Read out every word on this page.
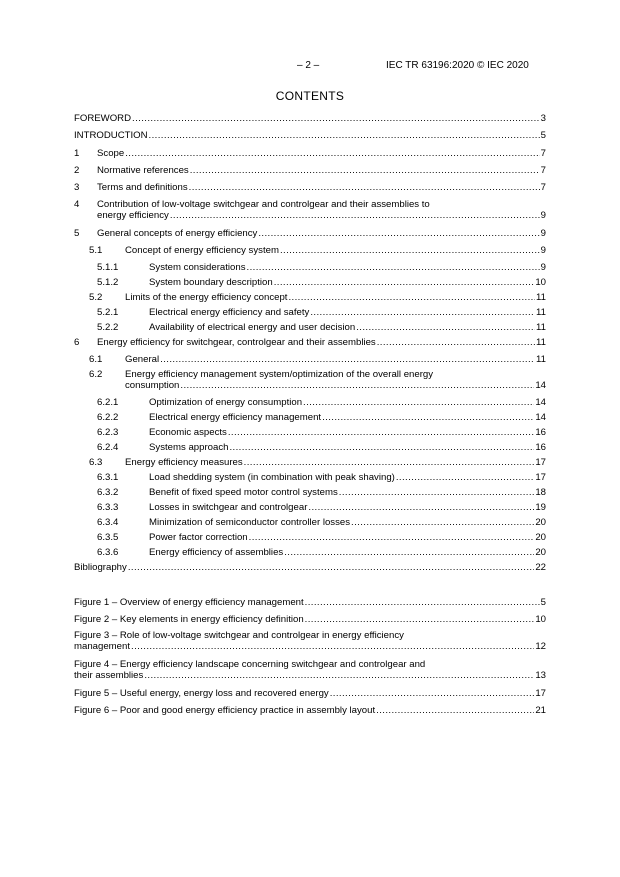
– 2 –	IEC TR 63196:2020 © IEC 2020
CONTENTS
FOREWORD .....	3
INTRODUCTION .....	5
1 Scope .....	7
2 Normative references .....	7
3 Terms and definitions .....	7
4	Contribution of low-voltage switchgear and controlgear and their assemblies to
energy efficiency .....	9
5 General concepts of energy efficiency .....	9
5.1 Concept of energy efficiency system .....	9
5.1.1	System considerations .....	9
5.1.2	System boundary description .....	10
5.2 Limits of the energy efficiency concept .....	11
5.2.1	Electrical energy efficiency and safety .....	11
5.2.2	Availability of electrical energy and user decision .....	11
6 Energy efficiency for switchgear, controlgear and their assemblies .....	11
6.1 General .....	11
6.2	Energy efficiency management system/optimization of the overall energy
consumption .....	14
6.2.1	Optimization of energy consumption .....	14
6.2.2	Electrical energy efficiency management .....	14
6.2.3	Economic aspects .....	16
6.2.4	Systems approach .....	16
6.3 Energy efficiency measures .....	17
6.3.1	Load shedding system (in combination with peak shaving) .....	17
6.3.2	Benefit of fixed speed motor control systems .....	18
6.3.3	Losses in switchgear and controlgear .....	19
6.3.4	Minimization of semiconductor controller losses .....	20
6.3.5	Power factor correction .....	20
6.3.6	Energy efficiency of assemblies .....	20
Bibliography .....	22
Figure 1 – Overview of energy efficiency management .....	5
Figure 2 – Key elements in energy efficiency definition .....	10
Figure 3 – Role of low-voltage switchgear and controlgear in energy efficiency
management .....	12
Figure 4 – Energy efficiency landscape concerning switchgear and controlgear and
their assemblies .....	13
Figure 5 – Useful energy, energy loss and recovered energy .....	17
Figure 6 – Poor and good energy efficiency practice in assembly layout .....	21
